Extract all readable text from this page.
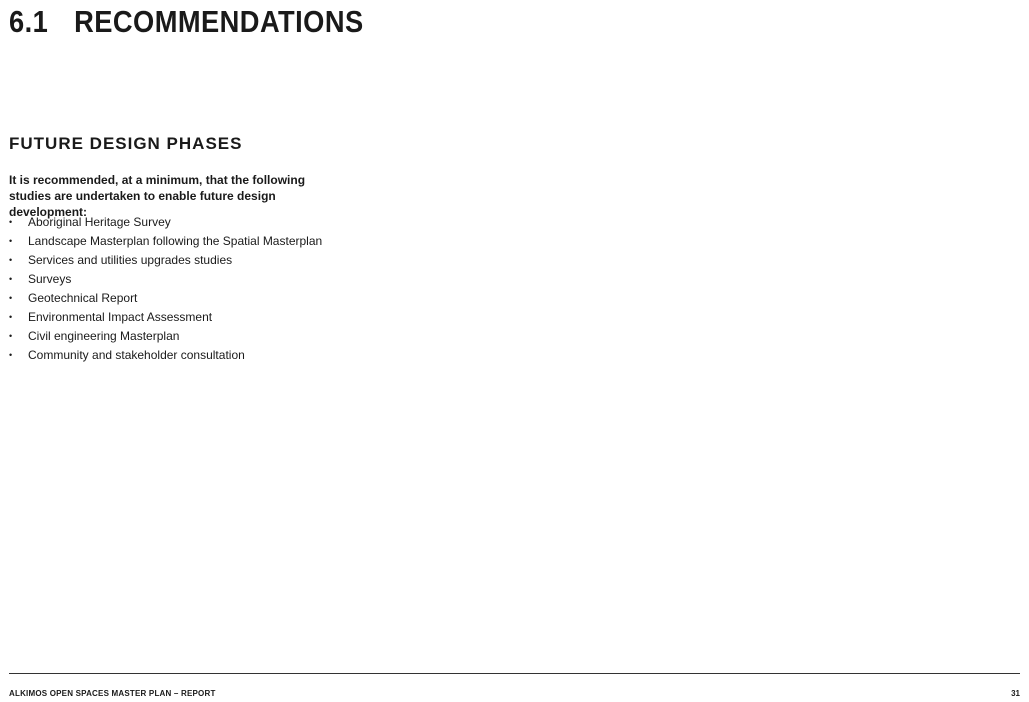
6.1 RECOMMENDATIONS
FUTURE DESIGN PHASES

It is recommended, at a minimum, that the following studies are undertaken to enable future design development:

•	Aboriginal Heritage Survey
•	Landscape Masterplan following the Spatial Masterplan
•	Services and utilities upgrades studies
•	Surveys
•	Geotechnical Report
•	Environmental Impact Assessment
•	Civil engineering Masterplan
•	Community and stakeholder consultation
ALKIMOS OPEN SPACES MASTER PLAN – REPORT	31
